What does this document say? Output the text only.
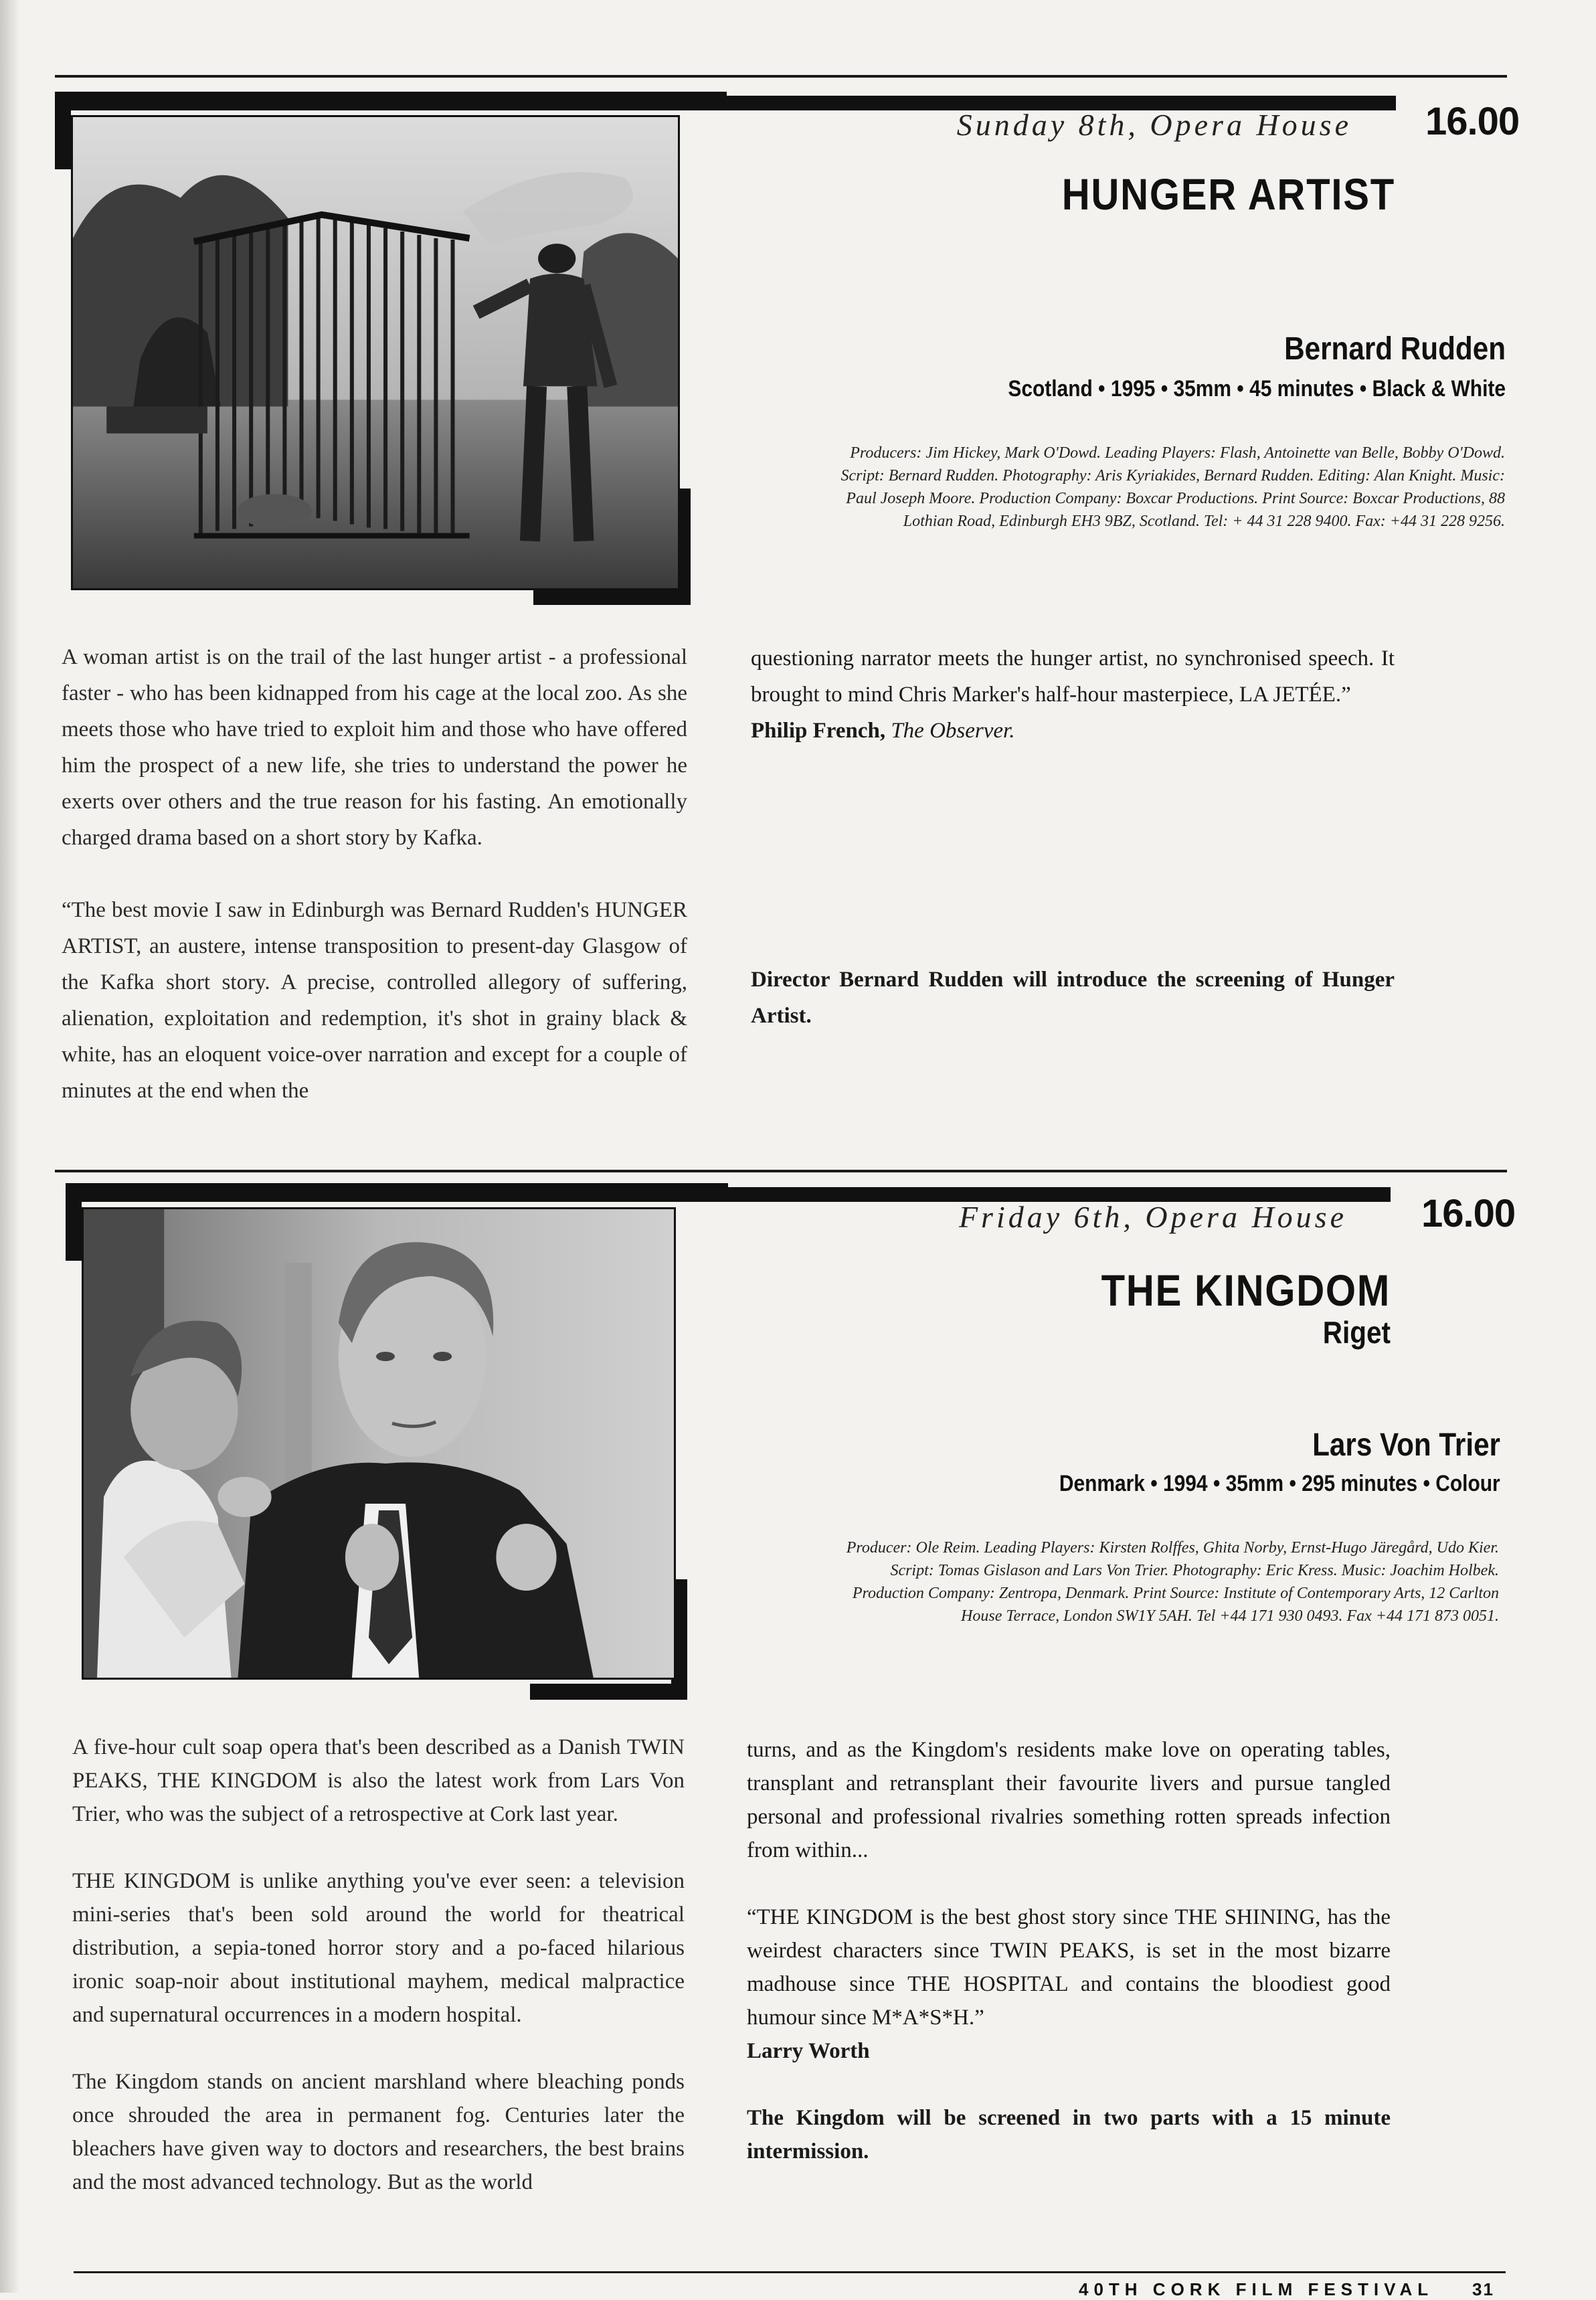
16.00
Sunday 8th, Opera House
HUNGER ARTIST
Bernard Rudden
Scotland • 1995 • 35mm • 45 minutes • Black & White
Producers: Jim Hickey, Mark O'Dowd. Leading Players: Flash, Antoinette van Belle, Bobby O'Dowd.
Script: Bernard Rudden. Photography: Aris Kyriakides, Bernard Rudden. Editing: Alan Knight. Music:
Paul Joseph Moore. Production Company: Boxcar Productions. Print Source: Boxcar Productions, 88
Lothian Road, Edinburgh EH3 9BZ, Scotland. Tel: + 44 31 228 9400. Fax: +44 31 228 9256.

A woman artist is on the trail of the last hunger artist - a professional faster - who has been kidnapped from his cage at the local zoo. As she meets those who have tried to exploit him and those who have offered him the prospect of a new life, she tries to understand the power he exerts over others and the true reason for his fasting. An emotionally charged drama based on a short story by Kafka.

“The best movie I saw in Edinburgh was Bernard Rudden's HUNGER ARTIST, an austere, intense transposition to present-day Glasgow of the Kafka short story. A precise, controlled allegory of suffering, alienation, exploitation and redemption, it's shot in grainy black & white, has an eloquent voice-over narration and except for a couple of minutes at the end when the

questioning narrator meets the hunger artist, no synchronised speech. It brought to mind Chris Marker's half-hour masterpiece, LA JETÉE.”

Philip French, The Observer.

Director Bernard Rudden will introduce the screening of Hunger Artist.

16.00
Friday 6th, Opera House
THE KINGDOM
Riget
Lars Von Trier
Denmark • 1994 • 35mm • 295 minutes • Colour
Producer: Ole Reim. Leading Players: Kirsten Rolffes, Ghita Norby, Ernst-Hugo Järegård, Udo Kier.
Script: Tomas Gislason and Lars Von Trier. Photography: Eric Kress. Music: Joachim Holbek.
Production Company: Zentropa, Denmark. Print Source: Institute of Contemporary Arts, 12 Carlton
House Terrace, London SW1Y 5AH. Tel +44 171 930 0493. Fax +44 171 873 0051.

A five-hour cult soap opera that's been described as a Danish TWIN PEAKS, THE KINGDOM is also the latest work from Lars Von Trier, who was the subject of a retrospective at Cork last year.

THE KINGDOM is unlike anything you've ever seen: a television mini-series that's been sold around the world for theatrical distribution, a sepia-toned horror story and a po-faced hilarious ironic soap-noir about institutional mayhem, medical malpractice and supernatural occurrences in a modern hospital.

The Kingdom stands on ancient marshland where bleaching ponds once shrouded the area in permanent fog. Centuries later the bleachers have given way to doctors and researchers, the best brains and the most advanced technology. But as the world

turns, and as the Kingdom's residents make love on operating tables, transplant and retransplant their favourite livers and pursue tangled personal and professional rivalries something rotten spreads infection from within...

“THE KINGDOM is the best ghost story since THE SHINING, has the weirdest characters since TWIN PEAKS, is set in the most bizarre madhouse since THE HOSPITAL and contains the bloodiest good humour since M*A*S*H.”

Larry Worth

The Kingdom will be screened in two parts with a 15 minute intermission.

40TH CORK FILM FESTIVAL 31
